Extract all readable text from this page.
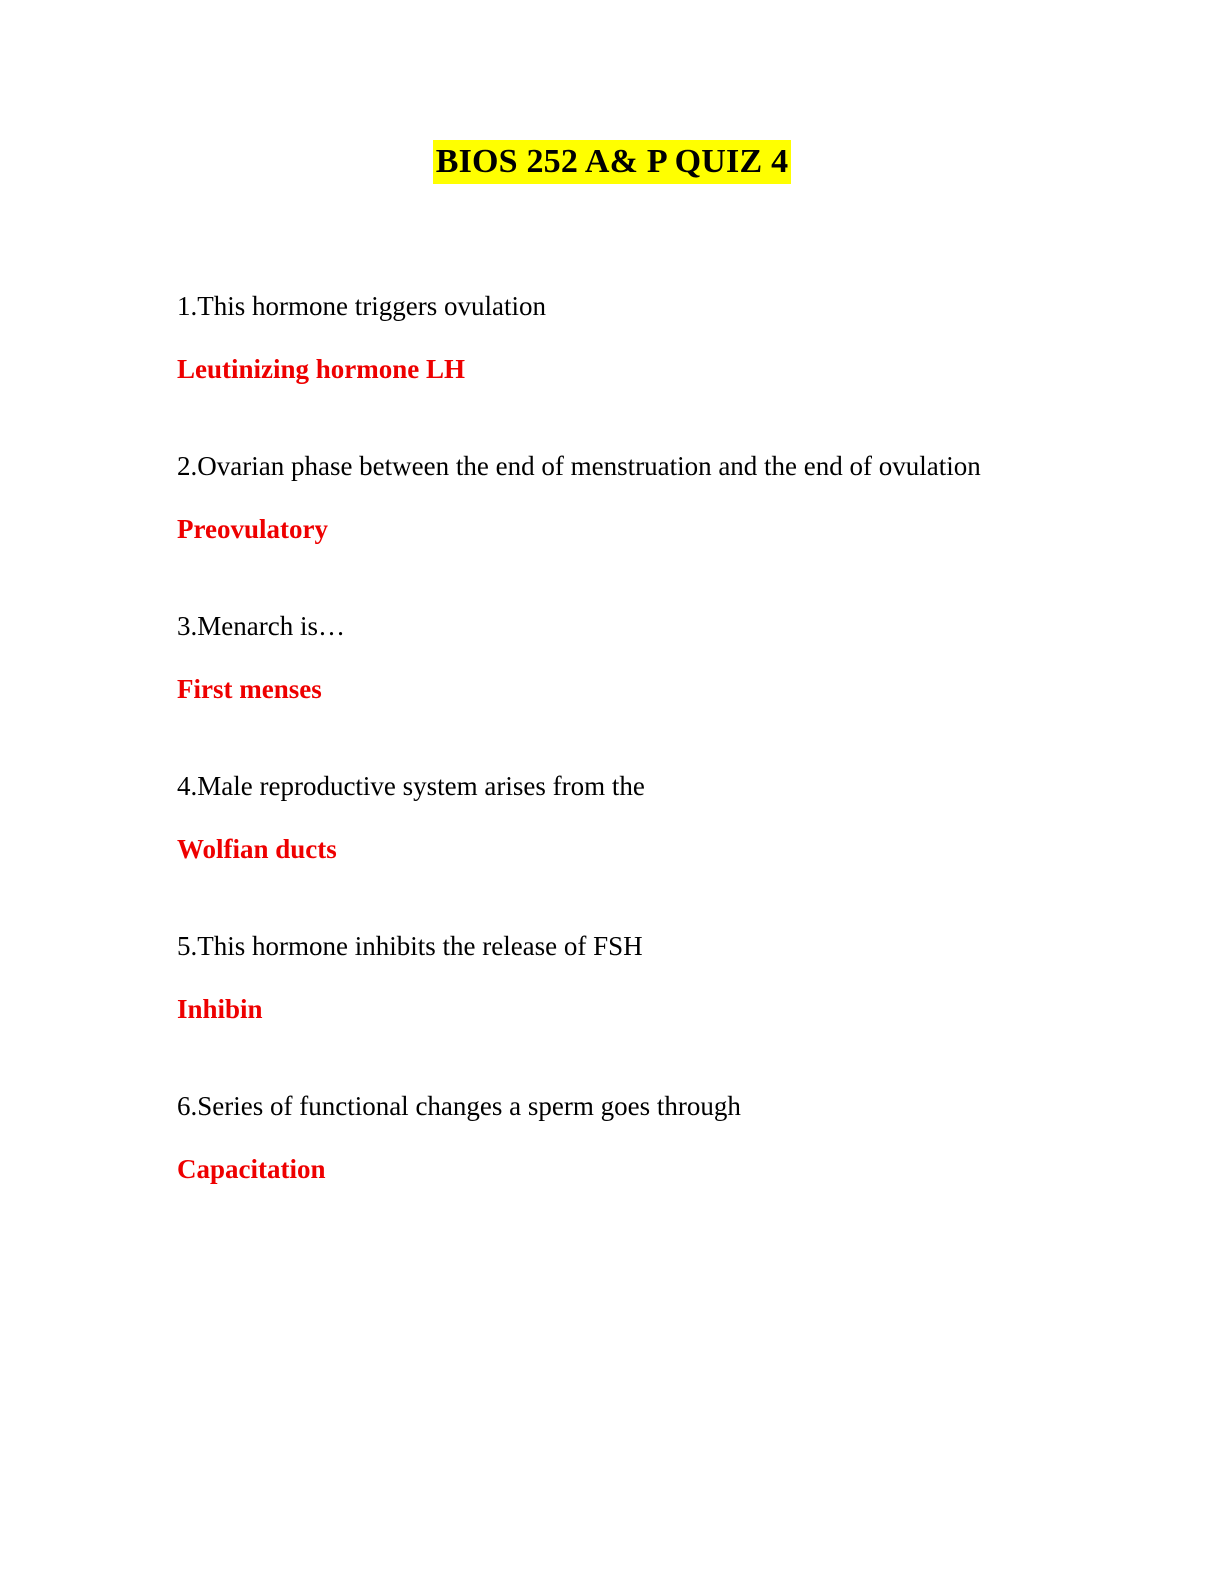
BIOS 252 A& P QUIZ 4

1.This hormone triggers ovulation

Leutinizing hormone LH

2.Ovarian phase between the end of menstruation and the end of ovulation

Preovulatory

3.Menarch is…

First menses

4.Male reproductive system arises from the

Wolfian ducts

5.This hormone inhibits the release of FSH

Inhibin

6.Series of functional changes a sperm goes through

Capacitation
